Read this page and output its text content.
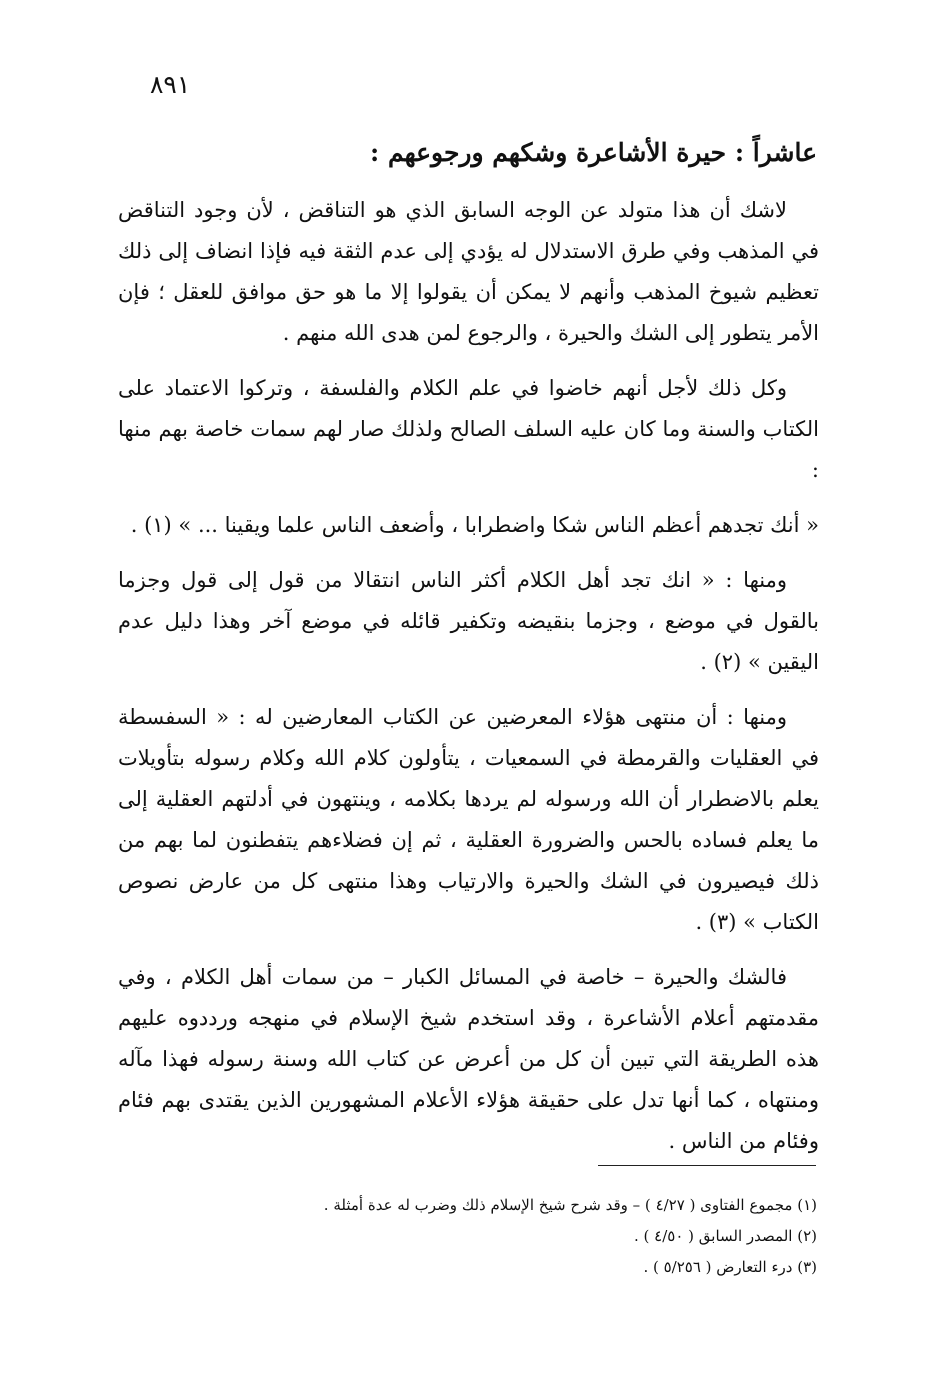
٨٩١
عاشراً : حيرة الأشاعرة وشكهم ورجوعهم :

لاشك أن هذا متولد عن الوجه السابق الذي هو التناقض ، لأن وجود التناقض في المذهب وفي طرق الاستدلال له يؤدي إلى عدم الثقة فيه فإذا انضاف إلى ذلك تعظيم شيوخ المذهب وأنهم لا يمكن أن يقولوا إلا ما هو حق موافق للعقل ؛ فإن الأمر يتطور إلى الشك والحيرة ، والرجوع لمن هدى الله منهم .

وكل ذلك لأجل أنهم خاضوا في علم الكلام والفلسفة ، وتركوا الاعتماد على الكتاب والسنة وما كان عليه السلف الصالح ولذلك صار لهم سمات خاصة بهم منها :

« أنك تجدهم أعظم الناس شكا واضطرابا ، وأضعف الناس علما ويقينا ... » (١) .

ومنها : « انك تجد أهل الكلام أكثر الناس انتقالا من قول إلى قول وجزما بالقول في موضع ، وجزما بنقيضه وتكفير قائله في موضع آخر وهذا دليل عدم اليقين » (٢) .

ومنها : أن منتهى هؤلاء المعرضين عن الكتاب المعارضين له : « السفسطة في العقليات والقرمطة في السمعيات ، يتأولون كلام الله وكلام رسوله بتأويلات يعلم بالاضطرار أن الله ورسوله لم يردها بكلامه ، وينتهون في أدلتهم العقلية إلى ما يعلم فساده بالحس والضرورة العقلية ، ثم إن فضلاءهم يتفطنون لما بهم من ذلك فيصيرون في الشك والحيرة والارتياب وهذا منتهى كل من عارض نصوص الكتاب » (٣) .

فالشك والحيرة – خاصة في المسائل الكبار – من سمات أهل الكلام ، وفي مقدمتهم أعلام الأشاعرة ، وقد استخدم شيخ الإسلام في منهجه ورددوه عليهم هذه الطريقة التي تبين أن كل من أعرض عن كتاب الله وسنة رسوله فهذا مآله ومنتهاه ، كما أنها تدل على حقيقة هؤلاء الأعلام المشهورين الذين يقتدى بهم فئام وفئام من الناس .

(١) مجموع الفتاوى ( ٤/٢٧ ) – وقد شرح شيخ الإسلام ذلك وضرب له عدة أمثلة .
(٢) المصدر السابق ( ٤/٥٠ ) .
(٣) درء التعارض ( ٥/٢٥٦ ) .
